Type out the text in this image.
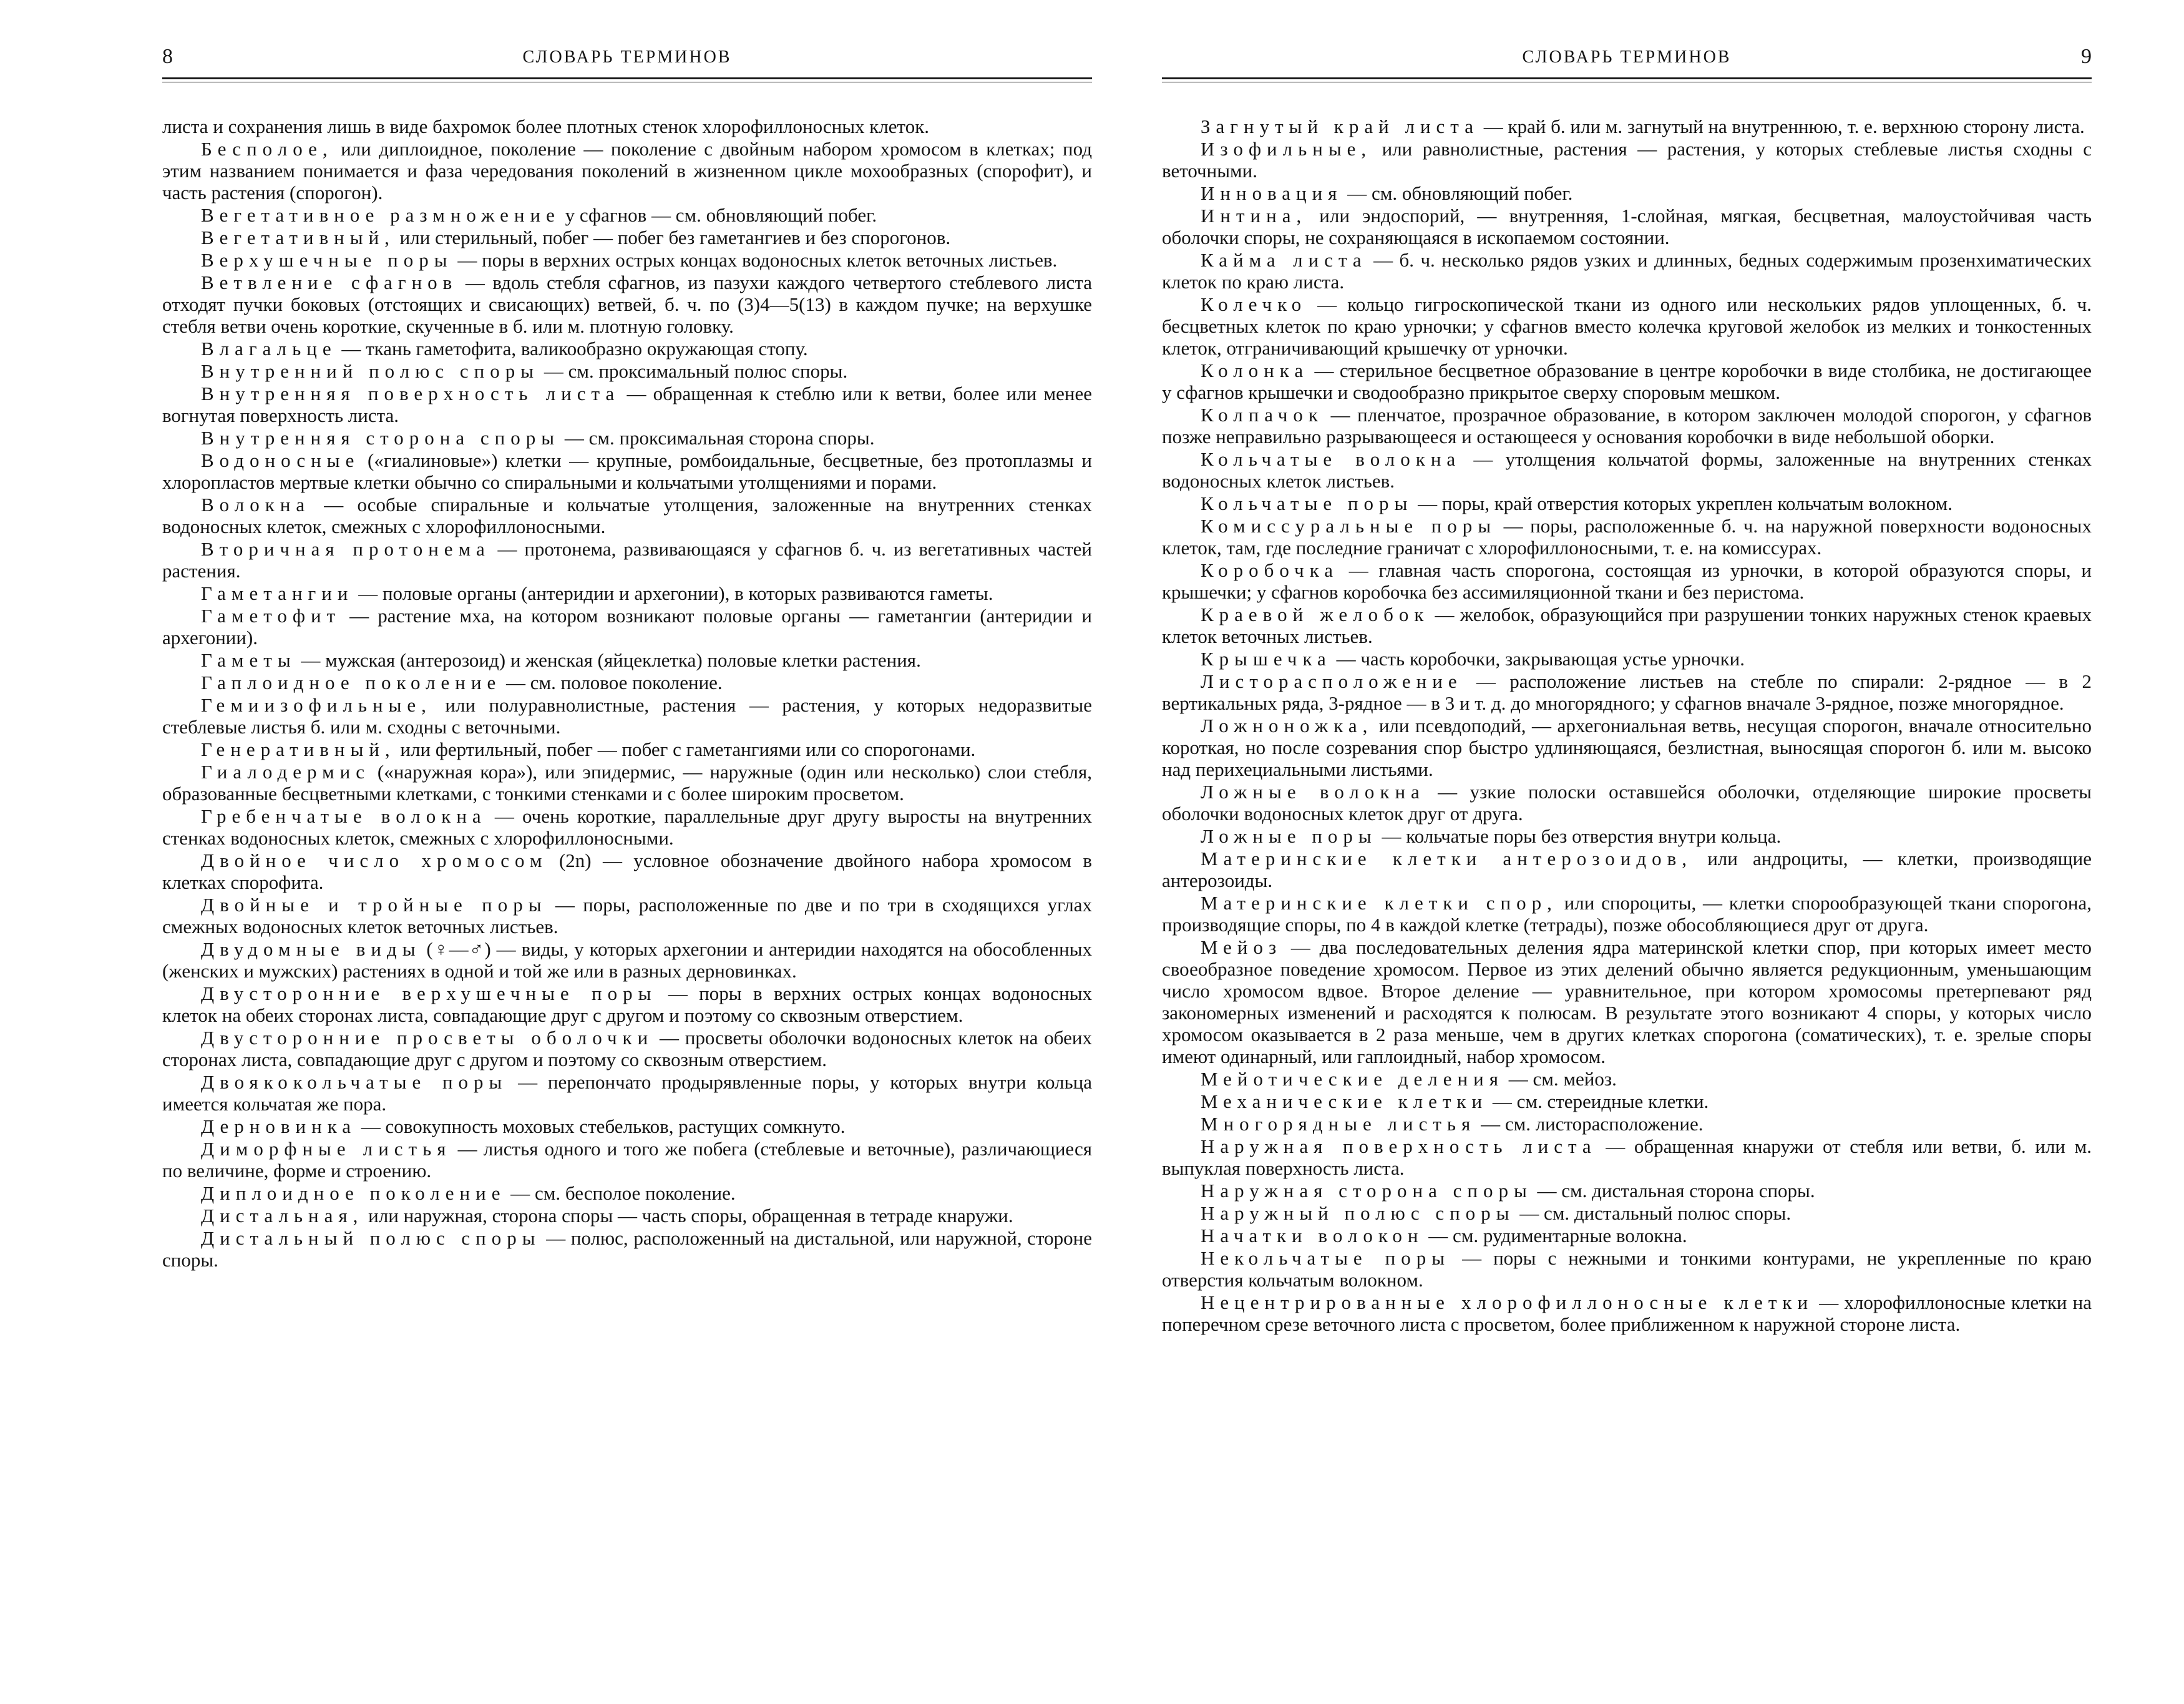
8	СЛОВАРЬ ТЕРМИНОВ

листа и сохранения лишь в виде бахромок более плотных стенок хлорофиллоносных клеток.

Бесполое, или диплоидное, поколение — поколение с двойным набором хромосом в клетках; под этим названием понимается и фаза чередования поколений в жизненном цикле мохообразных (спорофит), и часть растения (спорогон).

Вегетативное размножение у сфагнов — см. обновляющий побег.

Вегетативный, или стерильный, побег — побег без гаметангиев и без спорогонов.

Верхушечные поры — поры в верхних острых концах водоносных клеток веточных листьев.

Ветвление сфагнов — вдоль стебля сфагнов, из пазухи каждого четвертого стеблевого листа отходят пучки боковых (отстоящих и свисающих) ветвей, б. ч. по (3)4—5(13) в каждом пучке; на верхушке стебля ветви очень короткие, скученные в б. или м. плотную головку.

Влагальце — ткань гаметофита, валикообразно окружающая стопу.

Внутренний полюс споры — см. проксимальный полюс споры.

Внутренняя поверхность листа — обращенная к стеблю или к ветви, более или менее вогнутая поверхность листа.

Внутренняя сторона споры — см. проксимальная сторона споры.

Водоносные («гиалиновые») клетки — крупные, ромбоидальные, бесцветные, без протоплазмы и хлоропластов мертвые клетки обычно со спиральными и кольчатыми утолщениями и порами.

Волокна — особые спиральные и кольчатые утолщения, заложенные на внутренних стенках водоносных клеток, смежных с хлорофиллоносными.

Вторичная протонема — протонема, развивающаяся у сфагнов б. ч. из вегетативных частей растения.

Гаметангии — половые органы (антеридии и архегонии), в которых развиваются гаметы.

Гаметофит — растение мха, на котором возникают половые органы — гаметангии (антеридии и архегонии).

Гаметы — мужская (антерозоид) и женская (яйцеклетка) половые клетки растения.

Гаплоидное поколение — см. половое поколение.

Гемиизофильные, или полуравнолистные, растения — растения, у которых недоразвитые стеблевые листья б. или м. сходны с веточными.

Генеративный, или фертильный, побег — побег с гаметангиями или со спорогонами.

Гиалодермис («наружная кора»), или эпидермис, — наружные (один или несколько) слои стебля, образованные бесцветными клетками, с тонкими стенками и с более широким просветом.

Гребенчатые волокна — очень короткие, параллельные друг другу выросты на внутренних стенках водоносных клеток, смежных с хлорофиллоносными.

Двойное число хромосом (2n) — условное обозначение двойного набора хромосом в клетках спорофита.

Двойные и тройные поры — поры, расположенные по две и по три в сходящихся углах смежных водоносных клеток веточных листьев.

Двудомные виды (♀—♂) — виды, у которых архегонии и антеридии находятся на обособленных (женских и мужских) растениях в одной и той же или в разных дерновинках.

Двусторонние верхушечные поры — поры в верхних острых концах водоносных клеток на обеих сторонах листа, совпадающие друг с другом и поэтому со сквозным отверстием.

Двусторонние просветы оболочки — просветы оболочки водоносных клеток на обеих сторонах листа, совпадающие друг с другом и поэтому со сквозным отверстием.

Двоякокольчатые поры — перепончато продырявленные поры, у которых внутри кольца имеется кольчатая же пора.

Дерновинка — совокупность моховых стебельков, растущих сомкнуто.

Диморфные листья — листья одного и того же побега (стеблевые и веточные), различающиеся по величине, форме и строению.

Диплоидное поколение — см. бесполое поколение.

Дистальная, или наружная, сторона споры — часть споры, обращенная в тетраде кнаружи.

Дистальный полюс споры — полюс, расположенный на дистальной, или наружной, стороне споры.

9
СЛОВАРЬ ТЕРМИНОВ

Загнутый край листа — край б. или м. загнутый на внутреннюю, т. е. верхнюю сторону листа.

Изофильные, или равнолистные, растения — растения, у которых стеблевые листья сходны с веточными.

Инновация — см. обновляющий побег.

Интина, или эндоспорий, — внутренняя, 1-слойная, мягкая, бесцветная, малоустойчивая часть оболочки споры, не сохраняющаяся в ископаемом состоянии.

Кайма листа — б. ч. несколько рядов узких и длинных, бедных содержимым прозенхиматических клеток по краю листа.

Колечко — кольцо гигроскопической ткани из одного или нескольких рядов уплощенных, б. ч. бесцветных клеток по краю урночки; у сфагнов вместо колечка круговой желобок из мелких и тонкостенных клеток, отграничивающий крышечку от урночки.

Колонка — стерильное бесцветное образование в центре коробочки в виде столбика, не достигающее у сфагнов крышечки и сводообразно прикрытое сверху споровым мешком.

Колпачок — пленчатое, прозрачное образование, в котором заключен молодой спорогон, у сфагнов позже неправильно разрывающееся и остающееся у основания коробочки в виде небольшой оборки.

Кольчатые волокна — утолщения кольчатой формы, заложенные на внутренних стенках водоносных клеток листьев.

Кольчатые поры — поры, край отверстия которых укреплен кольчатым волокном.

Комиссуральные поры — поры, расположенные б. ч. на наружной поверхности водоносных клеток, там, где последние граничат с хлорофиллоносными, т. е. на комиссурах.

Коробочка — главная часть спорогона, состоящая из урночки, в которой образуются споры, и крышечки; у сфагнов коробочка без ассимиляционной ткани и без перистома.

Краевой желобок — желобок, образующийся при разрушении тонких наружных стенок краевых клеток веточных листьев.

Крышечка — часть коробочки, закрывающая устье урночки.

Листорасположение — расположение листьев на стебле по спирали: 2-рядное — в 2 вертикальных ряда, 3-рядное — в 3 и т. д. до многорядного; у сфагнов вначале 3-рядное, позже многорядное.

Ложноножка, или псевдоподий, — архегониальная ветвь, несущая спорогон, вначале относительно короткая, но после созревания спор быстро удлиняющаяся, безлистная, выносящая спорогон б. или м. высоко над перихециальными листьями.

Ложные волокна — узкие полоски оставшейся оболочки, отделяющие широкие просветы оболочки водоносных клеток друг от друга.

Ложные поры — кольчатые поры без отверстия внутри кольца.

Материнские клетки антерозоидов, или андроциты, — клетки, производящие антерозоиды.

Материнские клетки спор, или спороциты, — клетки спорообразующей ткани спорогона, производящие споры, по 4 в каждой клетке (тетрады), позже обособляющиеся друг от друга.

Мейоз — два последовательных деления ядра материнской клетки спор, при которых имеет место своеобразное поведение хромосом. Первое из этих делений обычно является редукционным, уменьшающим число хромосом вдвое. Второе деление — уравнительное, при котором хромосомы претерпевают ряд закономерных изменений и расходятся к полюсам. В результате этого возникают 4 споры, у которых число хромосом оказывается в 2 раза меньше, чем в других клетках спорогона (соматических), т. е. зрелые споры имеют одинарный, или гаплоидный, набор хромосом.

Мейотические деления — см. мейоз.

Механические клетки — см. стереидные клетки.

Многорядные листья — см. листорасположение.

Наружная поверхность листа — обращенная кнаружи от стебля или ветви, б. или м. выпуклая поверхность листа.

Наружная сторона споры — см. дистальная сторона споры.

Наружный полюс споры — см. дистальный полюс споры.

Начатки волокон — см. рудиментарные волокна.

Некольчатые поры — поры с нежными и тонкими контурами, не укрепленные по краю отверстия кольчатым волокном.

Нецентрированные хлорофиллоносные клетки — хлорофиллоносные клетки на поперечном срезе веточного листа с просветом, более приближенном к наружной стороне листа.
